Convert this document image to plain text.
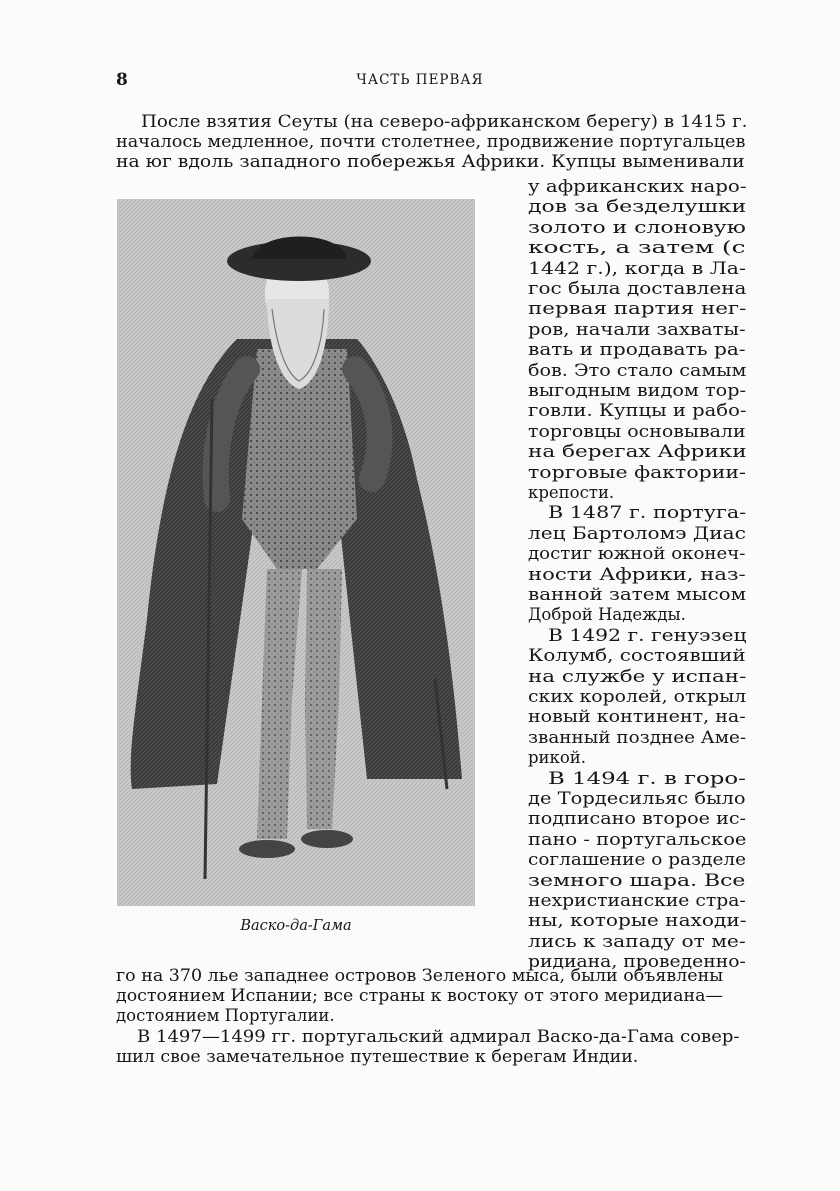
8	ЧАСТЬ ПЕРВАЯ
После взятия Сеуты (на северо-африканском берегу) в 1415 г.
началось медленное, почти столетнее, продвижение португальцев
на юг вдоль западного побережья Африки. Купцы выменивали
у африканских наро-
дов за безделушки
золото и слоновую
кость, а затем (с
1442 г.), когда в Ла-
гос была доставлена
первая партия нег-
ров, начали захваты-
вать и продавать ра-
бов. Это стало самым
выгодным видом тор-
говли. Купцы и рабо-
торговцы основывали
на берегах Африки
торговые фактории-
крепости.
В 1487 г. португа-
лец Бартоломэ Диас
достиг южной оконеч-
ности Африки, наз-
ванной затем мысом
Доброй Надежды.
В 1492 г. генуэзец
Колумб, состоявший
на службе у испан-
ских королей, открыл
новый континент, на-
званный позднее Аме-
рикой.
В 1494 г. в горо-
де Тордесильяс было
подписано второе ис-
пано - португальское
соглашение о разделе
земного шара. Все
нехристианские стра-
ны, которые находи-
лись к западу от ме-
ридиана, проведенно-
Васко-да-Гама
го на 370 лье западнее островов Зеленого мыса, были объявлены
достоянием Испании; все страны к востоку от этого меридиана—
достоянием Португалии.
В 1497—1499 гг. португальский адмирал Васко-да-Гама совер-
шил свое замечательное путешествие к берегам Индии.
